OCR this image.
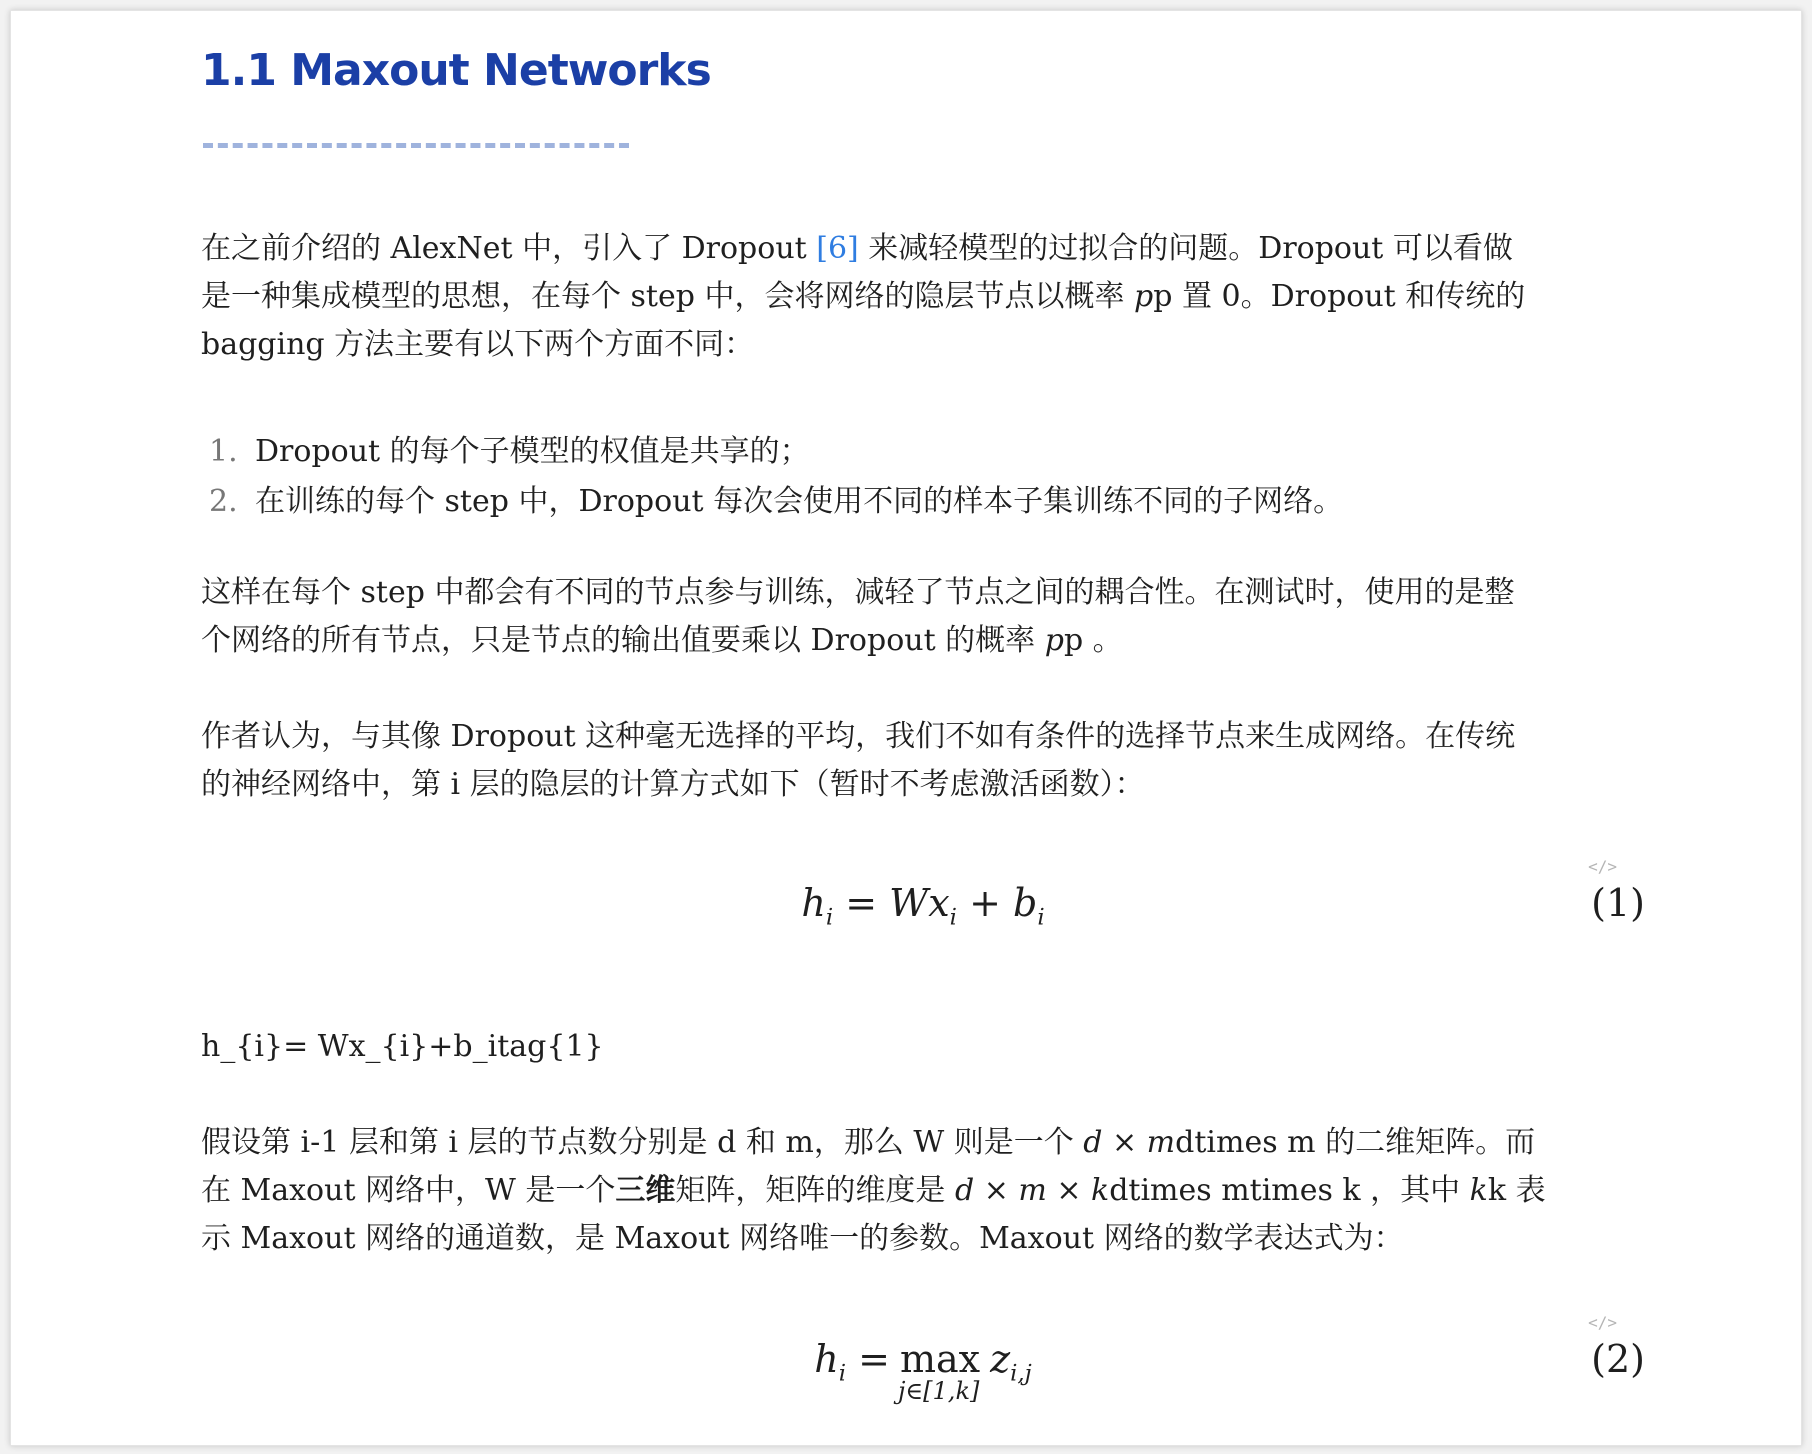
1.1 Maxout Networks

在之前介绍的 AlexNet 中，引入了 Dropout [6] 来减轻模型的过拟合的问题。Dropout 可以看做
是一种集成模型的思想，在每个 step 中，会将网络的隐层节点以概率 pp 置 0。Dropout 和传统的
bagging 方法主要有以下两个方面不同：

1. Dropout 的每个子模型的权值是共享的；
2. 在训练的每个 step 中，Dropout 每次会使用不同的样本子集训练不同的子网络。

这样在每个 step 中都会有不同的节点参与训练，减轻了节点之间的耦合性。在测试时，使用的是整
个网络的所有节点，只是节点的输出值要乘以 Dropout 的概率 pp 。

作者认为，与其像 Dropout 这种毫无选择的平均，我们不如有条件的选择节点来生成网络。在传统
的神经网络中，第 i 层的隐层的计算方式如下（暂时不考虑激活函数）：

</>
$h_i = Wx_i + b_i$	(1)

h_{i}= Wx_{i}+b_itag{1}

假设第 i-1 层和第 i 层的节点数分别是 d 和 m，那么 W 则是一个 d × mdtimes m 的二维矩阵。而
在 Maxout 网络中，W 是一个三维矩阵，矩阵的维度是 d × m × kdtimes mtimes k ，其中 kk 表
示 Maxout 网络的通道数，是 Maxout 网络唯一的参数。Maxout 网络的数学表达式为：

</>
$h_i = \max$
j∈[1,k]
$z_{i,j}$	(2)
